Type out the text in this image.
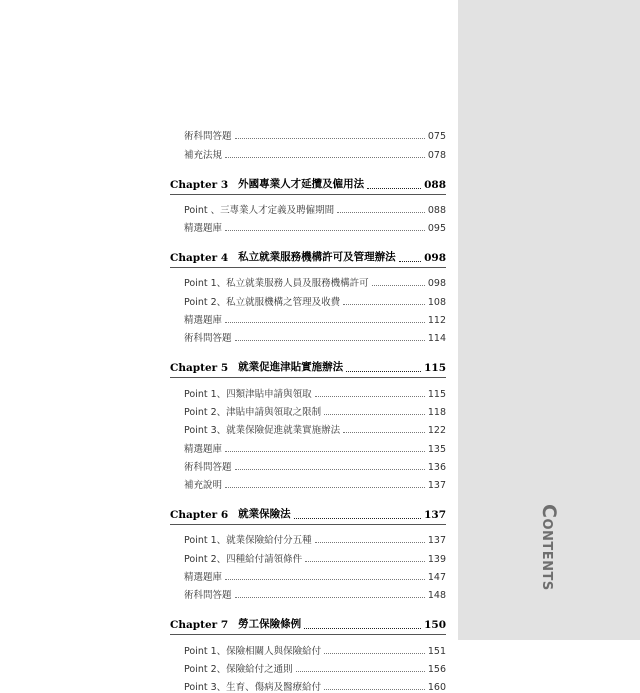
Contents
術科問答題	075
補充法規	078
Chapter 3 外國專業人才延攬及僱用法	088
Point 、三專業人才定義及聘僱期間	088
精選題庫	095
Chapter 4 私立就業服務機構許可及管理辦法	098
Point 1、私立就業服務人員及服務機構許可	098
Point 2、私立就服機構之管理及收費	108
精選題庫	112
術科問答題	114
Chapter 5 就業促進津貼實施辦法	115
Point 1、四類津貼申請與領取	115
Point 2、津貼申請與領取之限制	118
Point 3、就業保險促進就業實施辦法	122
精選題庫	135
術科問答題	136
補充說明	137
Chapter 6 就業保險法	137
Point 1、就業保險給付分五種	137
Point 2、四種給付請領條件	139
精選題庫	147
術科問答題	148
Chapter 7 勞工保險條例	150
Point 1、保險相關人與保險給付	151
Point 2、保險給付之通則	156
Point 3、生育、傷病及醫療給付	160
